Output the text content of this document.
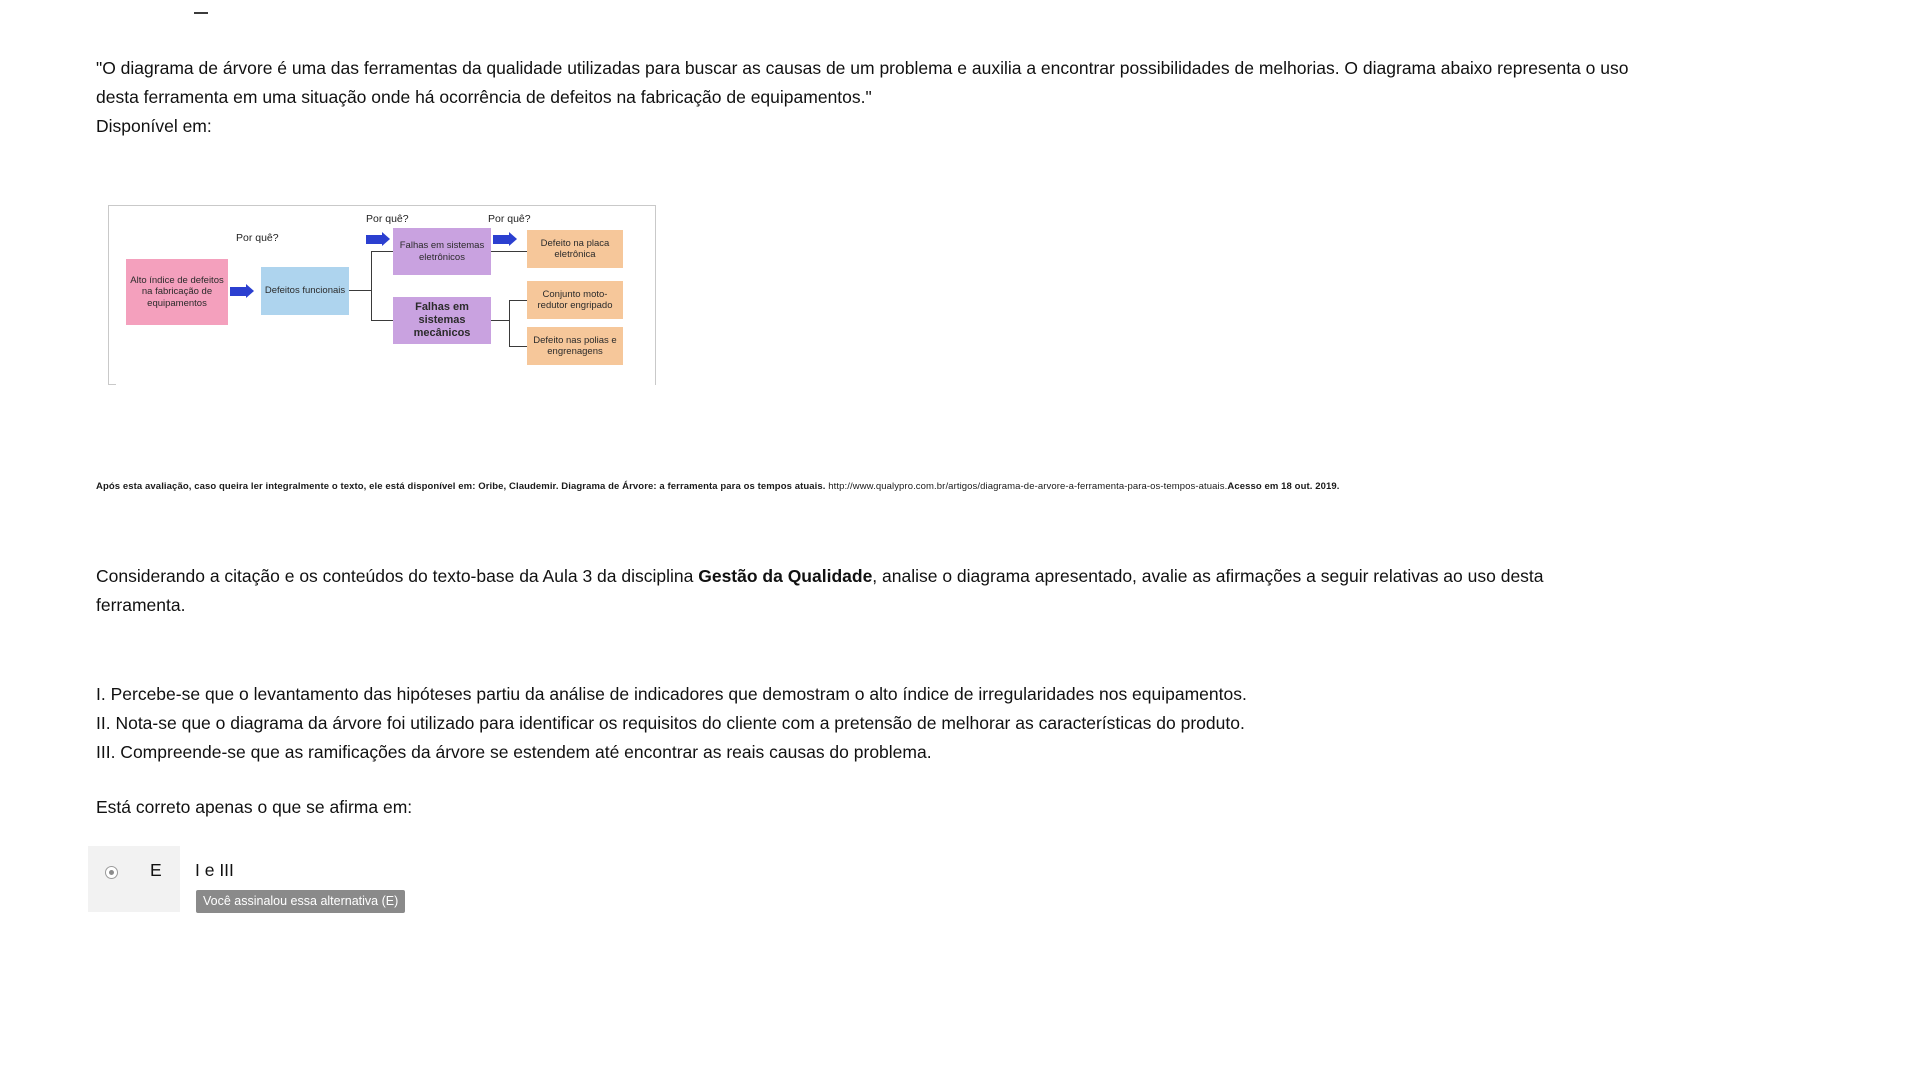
"O diagrama de árvore é uma das ferramentas da qualidade utilizadas para buscar as causas de um problema e auxilia a encontrar possibilidades de melhorias. O diagrama abaixo representa o uso desta ferramenta em uma situação onde há ocorrência de defeitos na fabricação de equipamentos."
Disponível em:
Por quê?
Por quê?	Por quê?
Alto índice de defeitos na fabricação de equipamentos
Defeitos funcionais
Falhas em sistemas eletrônicos
Falhas em sistemas mecânicos
Defeito na placa eletrônica
Conjunto moto-redutor engripado
Defeito nas polias e engrenagens
Após esta avaliação, caso queira ler integralmente o texto, ele está disponível em: Oribe, Claudemir. Diagrama de Árvore: a ferramenta para os tempos atuais. http://www.qualypro.com.br/artigos/diagrama-de-arvore-a-ferramenta-para-os-tempos-atuais.Acesso em 18 out. 2019.
Considerando a citação e os conteúdos do texto-base da Aula 3 da disciplina Gestão da Qualidade, analise o diagrama apresentado, avalie as afirmações a seguir relativas ao uso desta ferramenta.
I. Percebe-se que o levantamento das hipóteses partiu da análise de indicadores que demostram o alto índice de irregularidades nos equipamentos.
II. Nota-se que o diagrama da árvore foi utilizado para identificar os requisitos do cliente com a pretensão de melhorar as características do produto.
III. Compreende-se que as ramificações da árvore se estendem até encontrar as reais causas do problema.
Está correto apenas o que se afirma em:
E I e III
Você assinalou essa alternativa (E)
